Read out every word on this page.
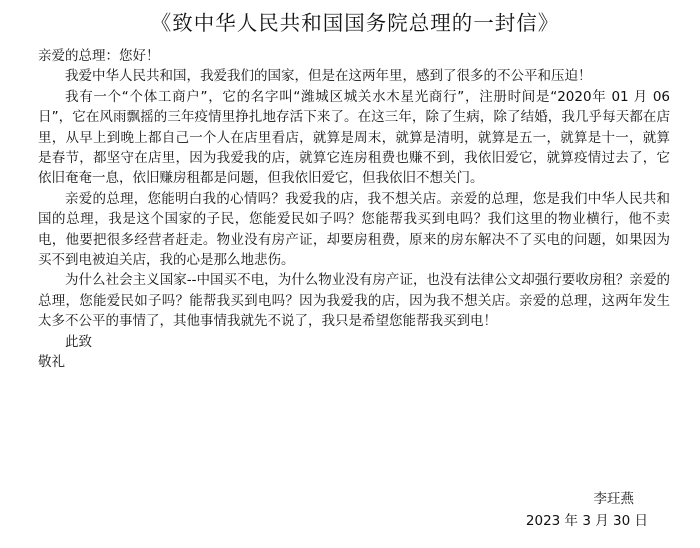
《致中华人民共和国国务院总理的一封信》

亲爱的总理：您好！

我爱中华人民共和国，我爱我们的国家，但是在这两年里，感到了很多的不公平和压迫！

我有一个“个体工商户”，它的名字叫“潍城区城关水木星光商行”，注册时间是“2020年 01 月 06 日”，它在风雨飘摇的三年疫情里挣扎地存活下来了。在这三年，除了生病，除了结婚，我几乎每天都在店里，从早上到晚上都自己一个人在店里看店，就算是周末，就算是清明，就算是五一，就算是十一，就算是春节，都坚守在店里，因为我爱我的店，就算它连房租费也赚不到，我依旧爱它，就算疫情过去了，它依旧奄奄一息，依旧赚房租都是问题，但我依旧爱它，但我依旧不想关门。

亲爱的总理，您能明白我的心情吗？我爱我的店，我不想关店。亲爱的总理，您是我们中华人民共和国的总理，我是这个国家的子民，您能爱民如子吗？您能帮我买到电吗？我们这里的物业横行，他不卖电，他要把很多经营者赶走。物业没有房产证，却要房租费，原来的房东解决不了买电的问题，如果因为买不到电被迫关店，我的心是那么地悲伤。

为什么社会主义国家--中国买不电，为什么物业没有房产证，也没有法律公文却强行要收房租？亲爱的总理，您能爱民如子吗？能帮我买到电吗？因为我爱我的店，因为我不想关店。亲爱的总理，这两年发生太多不公平的事情了，其他事情我就先不说了，我只是希望您能帮我买到电！

此致

敬礼

李玨燕
2023 年 3 月 30 日
